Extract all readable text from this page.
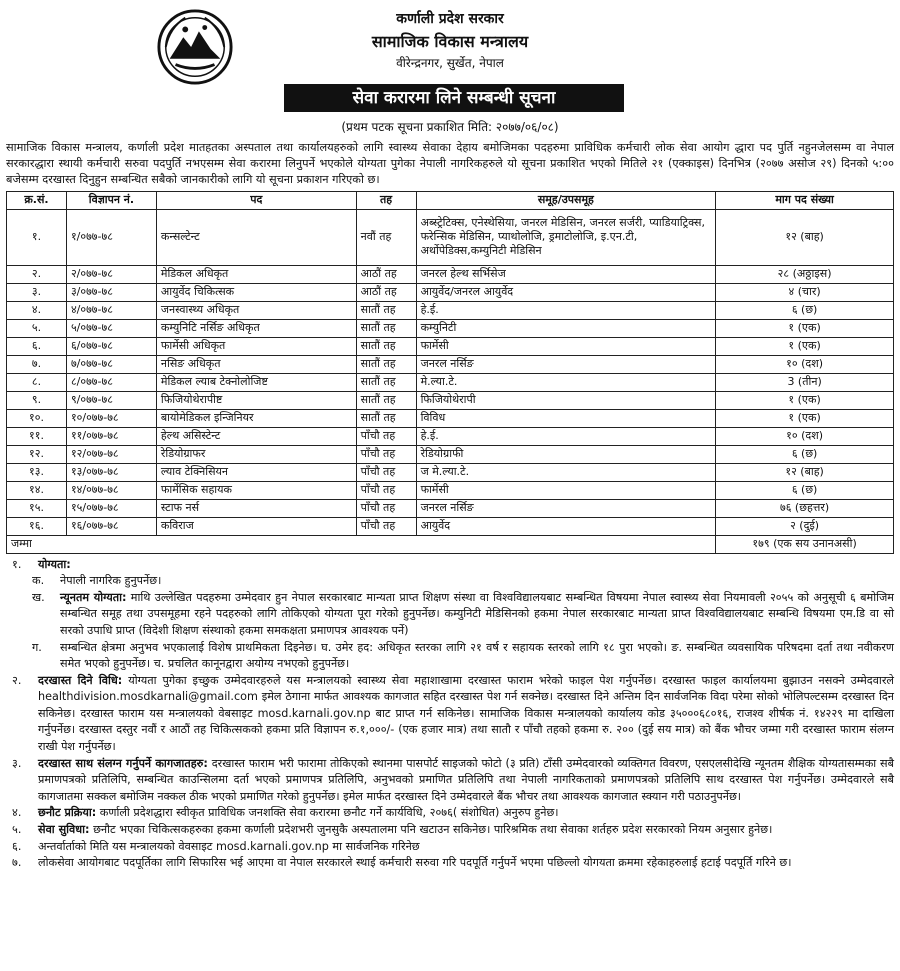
कर्णाली प्रदेश सरकार
सामाजिक विकास मन्त्रालय
वीरेन्द्रनगर, सुर्खेत, नेपाल
सेवा करारमा लिने सम्बन्धी सूचना
(प्रथम पटक सूचना प्रकाशित मिति: २०७७/०६/०८)

सामाजिक विकास मन्त्रालय, कर्णाली प्रदेश मातहतका अस्पताल तथा कार्यालयहरुको लागि स्वास्थ्य सेवाका देहाय बमोजिमका पदहरुमा प्राविधिक कर्मचारी लोक सेवा आयोग द्धारा पद पुर्ति नहुनजेलसम्म वा नेपाल सरकारद्धारा स्थायी कर्मचारी सरुवा पदपुर्ति नभएसम्म सेवा करारमा लिनुपर्ने भएकोले योग्यता पुगेका नेपाली नागरिकहरुले यो सूचना प्रकाशित भएको मितिले २१ (एक्काइस) दिनभित्र (२०७७ असोज २९) दिनको ५:०० बजेसम्म दरखास्त दिनुहुन सम्बन्धित सबैको जानकारीको लागि यो सूचना प्रकाशन गरिएको छ।

क्र.सं.	विज्ञापन नं.	पद	तह	समूह/उपसमूह	माग पद संख्या
१.	१/०७७-७८	कन्सल्टेन्ट	नवौं तह	अब्स्ट्रेटिक्स, एनेस्थेसिया, जनरल मेडिसिन, जनरल सर्जरी, प्याडियाट्रिक्स, फरेन्सिक मेडिसिन, प्याथोलोजि, ड्रमाटोलोजि, इ.एन.टी, अर्थोपेडिक्स,कम्युनिटी मेडिसिन	१२ (बाह)
२.	२/०७७-७८	मेडिकल अधिकृत	आठौं तह	जनरल हेल्थ सर्भिसेज	२८ (अठ्ठाइस)
३.	३/०७७-७८	आयुर्वेद चिकित्सक	आठौं तह	आयुर्वेद/जनरल आयुर्वेद	४ (चार)
४.	४/०७७-७८	जनस्वास्थ्य अधिकृत	सातौं तह	हे.ई.	६ (छ)
५.	५/०७७-७८	कम्युनिटि नर्सिङ अधिकृत	सातौं तह	कम्युनिटी	१ (एक)
६.	६/०७७-७८	फार्मेसी अधिकृत	सातौं तह	फार्मेसी	१ (एक)
७.	७/०७७-७८	नसिङ अधिकृत	सातौं तह	जनरल नर्सिङ	१० (दश)
८.	८/०७७-७८	मेडिकल ल्याब टेक्नोलोजिष्ट	सातौं तह	मे.ल्या.टे.	3 (तीन)
९.	९/०७७-७८	फिजियोथेरापीष्ट	सातौं तह	फिजियोथेरापी	१ (एक)
१०.	१०/०७७-७८	बायोमेडिकल इन्जिनियर	सातौं तह	विविध	१ (एक)
११.	११/०७७-७८	हेल्थ असिस्टेन्ट	पाँचौ तह	हे.ई.	१० (दश)
१२.	१२/०७७-७८	रेडियोग्राफर	पाँचौ तह	रेडियोग्राफी	६ (छ)
१३.	१३/०७७-७८	ल्याव टेक्निसियन	पाँचौ तह	ज मे.ल्या.टे.	१२ (बाह)
१४.	१४/०७७-७८	फार्मेसिक सहायक	पाँचौ तह	फार्मेसी	६ (छ)
१५.	१५/०७७-७८	स्टाफ नर्स	पाँचौ तह	जनरल नर्सिङ	७६ (छहत्तर)
१६.	१६/०७७-७८	कविराज	पाँचौ तह	आयुर्वेद	२ (दुई)
जम्मा					१७९ (एक सय उनानअसी)
१. योग्यता:
क. नेपाली नागरिक हुनुपर्नेछ।
ख. न्यूनतम योग्यता: माथि उल्लेखित पदहरुमा उम्मेदवार हुन नेपाल सरकारबाट मान्यता प्राप्त शिक्षण संस्था वा विश्वविद्यालयबाट सम्बन्धित विषयमा नेपाल स्वास्थ्य सेवा नियमावली २०५५ को अनुसूची ६ बमोजिम सम्बन्धित समूह तथा उपसमूहमा रहने पदहरुको लागि तोकिएको योग्यता पूरा गरेको हुनुपर्नेछ। कम्युनिटी मेडिसिनको हकमा नेपाल सरकारबाट मान्यता प्राप्त विश्वविद्यालयबाट सम्बन्धि विषयमा एम.डि वा सो सरको उपाधि प्राप्त (विदेशी शिक्षण संस्थाको हकमा समकक्षता प्रमाणपत्र आवश्यक पर्ने)
ग. सम्बन्धित क्षेत्रमा अनुभव भएकालाई विशेष प्राथमिकता दिइनेछ। घ. उमेर हद: अधिकृत स्तरका लागि २१ वर्ष र सहायक स्तरको लागि १८ पुरा भएको। ङ. सम्बन्धित व्यवसायिक परिषदमा दर्ता तथा नवीकरण समेत भएको हुनुपर्नेछ। च. प्रचलित कानूनद्वारा अयोग्य नभएको हुनुपर्नेछ।
२. दरखास्त दिने विधि: योग्यता पुगेका इच्छुक उम्मेदवारहरुले यस मन्त्रालयको स्वास्थ्य सेवा महाशाखामा दरखास्त फाराम भरेको फाइल पेश गर्नुपर्नेछ। दरखास्त फाइल कार्यालयमा बुझाउन नसक्ने उम्मेदवारले healthdivision.mosdkarnali@gmail.com इमेल ठेगाना मार्फत आवश्यक कागजात सहित दरखास्त पेश गर्न सक्नेछ। दरखास्त दिने अन्तिम दिन सार्वजनिक विदा परेमा सोको भोलिपल्टसम्म दरखास्त दिन सकिनेछ। दरखास्त फाराम यस मन्त्रालयको वेबसाइट mosd.karnali.gov.np बाट प्राप्त गर्न सकिनेछ। सामाजिक विकास मन्त्रालयको कार्यालय कोड ३५०००६८०१६, राजश्व शीर्षक नं. १४२२९ मा दाखिला गर्नुपर्नेछ। दरखास्त दस्तुर नवौं र आठौं तह चिकित्सकको हकमा प्रति विज्ञापन रु.१,०००/- (एक हजार मात्र) तथा सातौ र पाँचौ तहको हकमा रु. २०० (दुई सय मात्र) को बैंक भौचर जम्मा गरी दरखास्त फाराम संलग्न राखी पेश गर्नुपर्नेछ।
३. दरखास्त साथ संलग्न गर्नुपर्ने कागजातहरु: दरखास्त फाराम भरी फारामा तोकिएको स्थानमा पासपोर्ट साइजको फोटो (३ प्रति) टाँसी उम्मेदवारको व्यक्तिगत विवरण, एसएलसीदेखि न्यूनतम शैक्षिक योग्यतासम्मका सबै प्रमाणपत्रको प्रतिलिपि, सम्बन्धित काउन्सिलमा दर्ता भएको प्रमाणपत्र प्रतिलिपि, अनुभवको प्रमाणित प्रतिलिपि तथा नेपाली नागरिकताको प्रमाणपत्रको प्रतिलिपि साथ दरखास्त पेश गर्नुपर्नेछ। उम्मेदवारले सबै कागजातमा सक्कल बमोजिम नक्कल ठीक भएको प्रमाणित गरेको हुनुपर्नेछ। इमेल मार्फत दरखास्त दिने उम्मेदवारले बैंक भौचर तथा आवश्यक कागजात स्क्यान गरी पठाउनुपर्नेछ।
४. छनौट प्रक्रिया: कर्णाली प्रदेशद्धारा स्वीकृत प्राविधिक जनशक्ति सेवा करारमा छनौट गर्ने कार्यविधि, २०७६( संशोधित) अनुरुप हुनेछ।
५. सेवा सुविधा: छनौट भएका चिकित्सकहरुका हकमा कर्णाली प्रदेशभरी जुनसुकै अस्पतालमा पनि खटाउन सकिनेछ। पारिश्रमिक तथा सेवाका शर्तहरु प्रदेश सरकारको नियम अनुसार हुनेछ।
६. अन्तर्वार्ताको मिति यस मन्त्रालयको वेवसाइट mosd.karnali.gov.np मा सार्वजनिक गरिनेछ
७. लोकसेवा आयोगबाट पदपूर्तिका लागि सिफारिस भई आएमा वा नेपाल सरकारले स्थाई कर्मचारी सरुवा गरि पदपूर्ति गर्नुपर्ने भएमा पछिल्लो योगयता क्रममा रहेकाहरुलाई हटाई पदपूर्ति गरिने छ।
